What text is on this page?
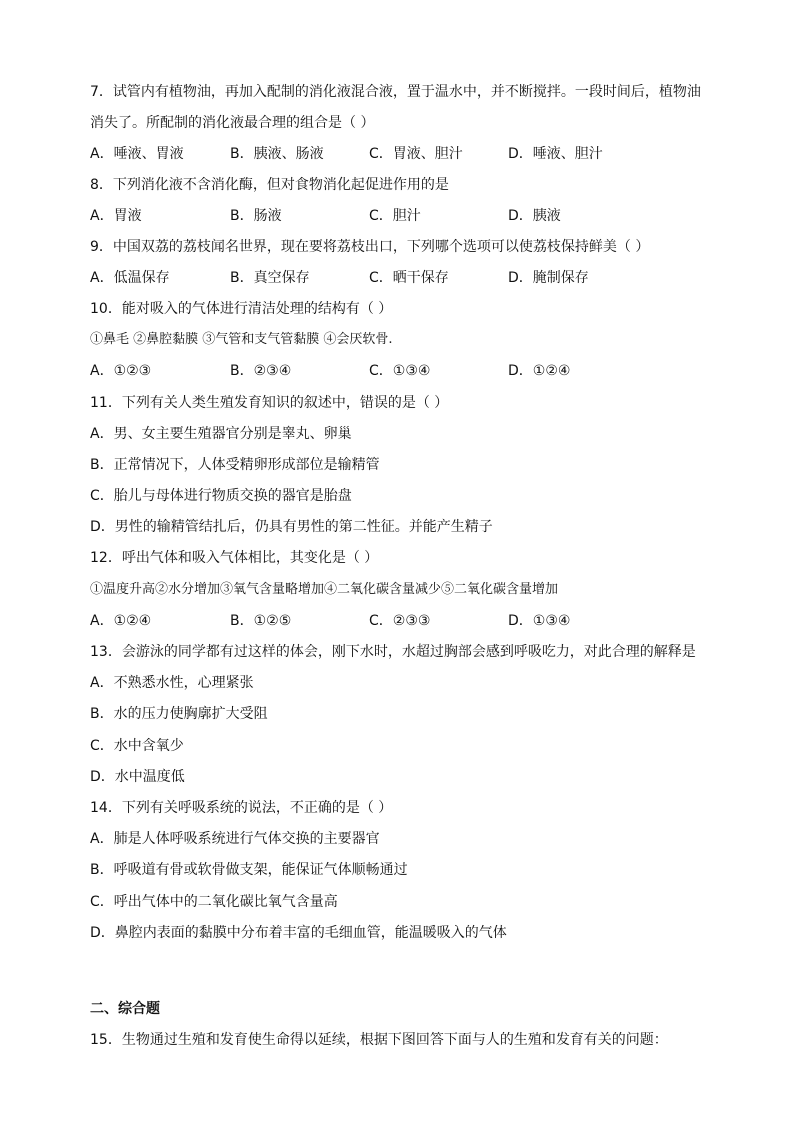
7．试管内有植物油，再加入配制的消化液混合液，置于温水中，并不断搅拌。一段时间后，植物油
消失了。所配制的消化液最合理的组合是（ ）
A．唾液、胃液	B．胰液、肠液	C．胃液、胆汁	D．唾液、胆汁
8．下列消化液不含消化酶，但对食物消化起促进作用的是
A．胃液	B．肠液	C．胆汁	D．胰液
9．中国双荔的荔枝闻名世界，现在要将荔枝出口，下列哪个选项可以使荔枝保持鲜美（ ）
A．低温保存	B．真空保存	C．晒干保存	D．腌制保存
10．能对吸入的气体进行清洁处理的结构有（ ）
①鼻毛 ②鼻腔黏膜 ③气管和支气管黏膜 ④会厌软骨.
A．①②③	B．②③④	C．①③④	D．①②④
11．下列有关人类生殖发育知识的叙述中，错误的是（ ）
A．男、女主要生殖器官分别是睾丸、卵巢
B．正常情况下，人体受精卵形成部位是输精管
C．胎儿与母体进行物质交换的器官是胎盘
D．男性的输精管结扎后，仍具有男性的第二性征。并能产生精子
12．呼出气体和吸入气体相比，其变化是（ ）
①温度升高②水分增加③氧气含量略增加④二氧化碳含量减少⑤二氧化碳含量增加
A．①②④	B．①②⑤	C．②③③	D．①③④
13．会游泳的同学都有过这样的体会，刚下水时，水超过胸部会感到呼吸吃力，对此合理的解释是
A．不熟悉水性，心理紧张
B．水的压力使胸廓扩大受阻
C．水中含氧少
D．水中温度低
14．下列有关呼吸系统的说法，不正确的是（ ）
A．肺是人体呼吸系统进行气体交换的主要器官
B．呼吸道有骨或软骨做支架，能保证气体顺畅通过
C．呼出气体中的二氧化碳比氧气含量高
D．鼻腔内表面的黏膜中分布着丰富的毛细血管，能温暖吸入的气体
二、综合题
15．生物通过生殖和发育使生命得以延续，根据下图回答下面与人的生殖和发育有关的问题：
